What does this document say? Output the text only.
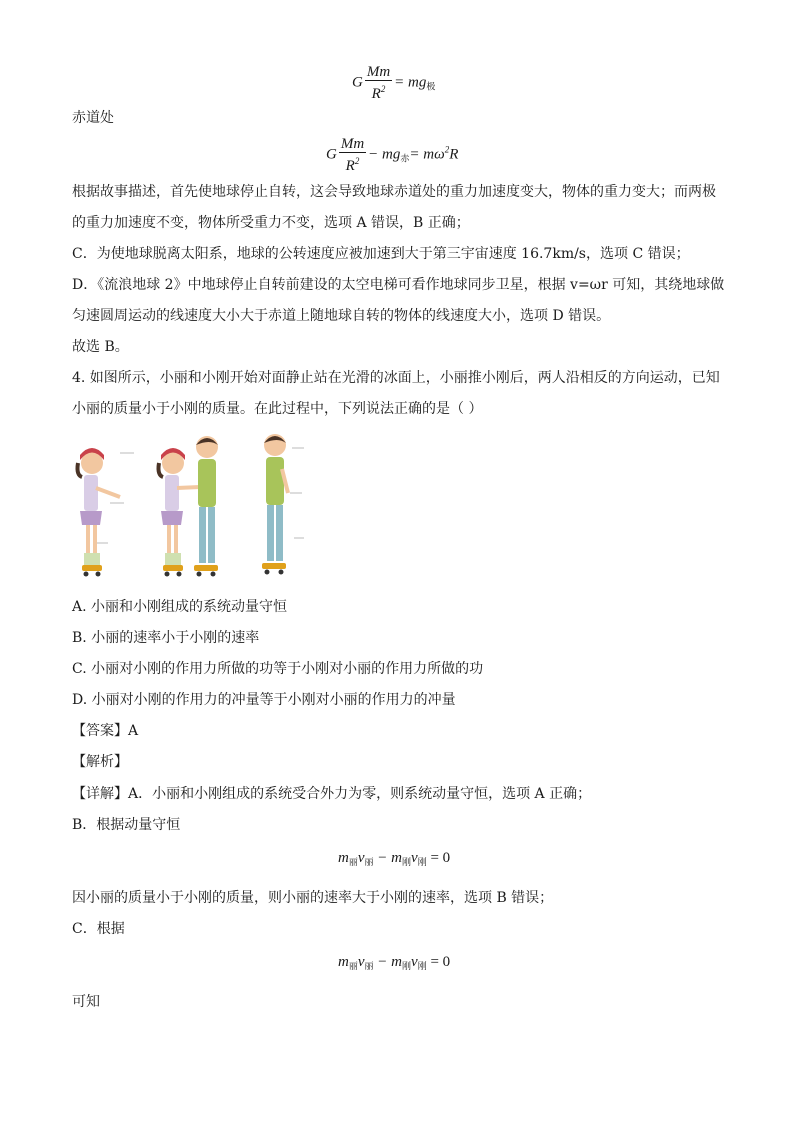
G $\frac{Mm}{R^2} = mg_极$
赤道处
G $\frac{Mm}{R^2} - mg_赤= m\omega^2R$
根据故事描述，首先使地球停止自转，这会导致地球赤道处的重力加速度变大，物体的重力变大；而两极
的重力加速度不变，物体所受重力不变，选项 A 错误，B 正确；
C．为使地球脱离太阳系，地球的公转速度应被加速到大于第三宇宙速度 16.7km/s，选项 C 错误；
D．《流浪地球 2》中地球停止自转前建设的太空电梯可看作地球同步卫星，根据 v=ωr 可知，其绕地球做
匀速圆周运动的线速度大小大于赤道上随地球自转的物体的线速度大小，选项 D 错误。
故选 B。
4. 如图所示，小丽和小刚开始对面静止站在光滑的冰面上，小丽推小刚后，两人沿相反的方向运动，已知
小丽的质量小于小刚的质量。在此过程中，下列说法正确的是（ ）
A. 小丽和小刚组成的系统动量守恒
B. 小丽的速率小于小刚的速率
C. 小丽对小刚的作用力所做的功等于小刚对小丽的作用力所做的功
D. 小丽对小刚的作用力的冲量等于小刚对小丽的作用力的冲量
【答案】A
【解析】
【详解】A．小丽和小刚组成的系统受合外力为零，则系统动量守恒，选项 A 正确；
B．根据动量守恒
$m_丽v_丽 - m_刚v_刚 = 0$
因小丽的质量小于小刚的质量，则小丽的速率大于小刚的速率，选项 B 错误；
C．根据
$m_丽v_丽 - m_刚v_刚 = 0$
可知
